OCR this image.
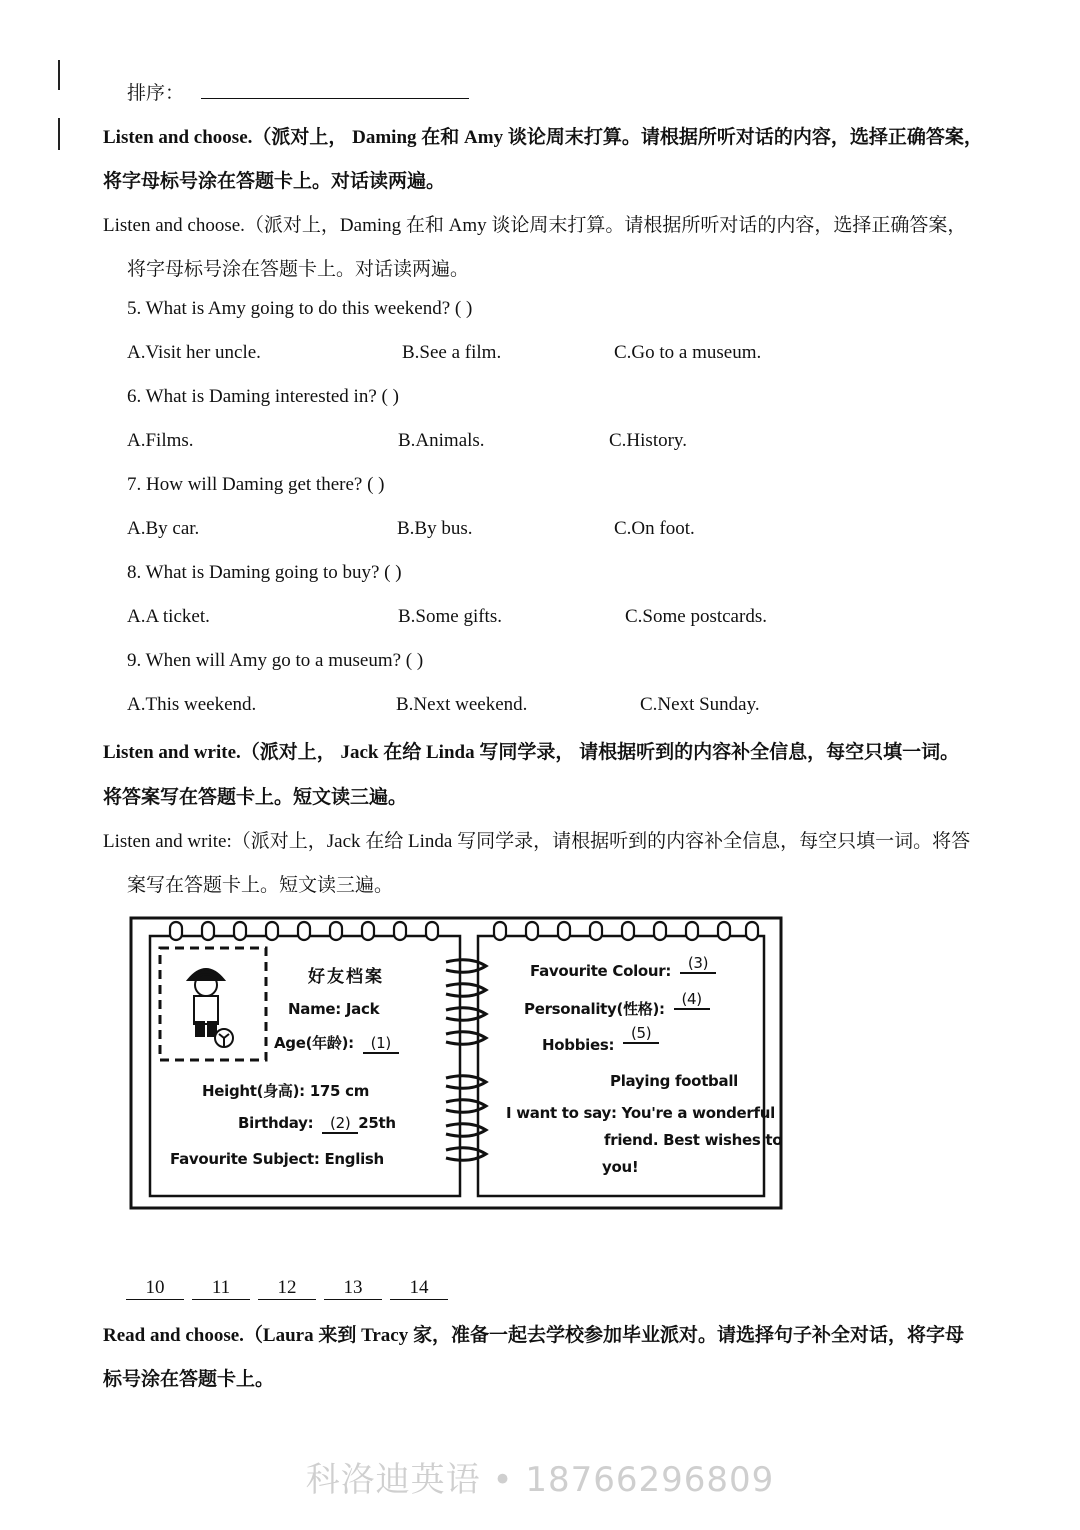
排序：
Listen and choose.（派对上， Daming 在和 Amy 谈论周末打算。请根据所听对话的内容，选择正确答案，
将字母标号涂在答题卡上。对话读两遍。
Listen and choose.（派对上，Daming 在和 Amy 谈论周末打算。请根据所听对话的内容，选择正确答案，
将字母标号涂在答题卡上。对话读两遍。
5. What is Amy going to do this weekend? ( )
A.Visit her uncle.	B.See a film.	C.Go to a museum.
6. What is Daming interested in? ( )
A.Films.	B.Animals.	C.History.
7. How will Daming get there? ( )
A.By car.	B.By bus.	C.On foot.
8. What is Daming going to buy? ( )
A.A ticket.	B.Some gifts.	C.Some postcards.
9. When will Amy go to a museum? ( )
A.This weekend.	B.Next weekend.	C.Next Sunday.
Listen and write.（派对上， Jack 在给 Linda 写同学录， 请根据听到的内容补全信息，每空只填一词。
将答案写在答题卡上。短文读三遍。
Listen and write:（派对上，Jack 在给 Linda 写同学录，请根据听到的内容补全信息，每空只填一词。将答
案写在答题卡上。短文读三遍。
好友档案
Name: Jack
Age(年龄): (1)
Height(身高): 175 cm
Birthday: (2) 25th
Favourite Subject: English
Favourite Colour: (3)
Personality(性格): (4)
Hobbies: (5)
Playing football
I want to say: You're a wonderful
friend. Best wishes to
you!
10 11 12 13 14
Read and choose.（Laura 来到 Tracy 家，准备一起去学校参加毕业派对。请选择句子补全对话，将字母
标号涂在答题卡上。
科洛迪英语 • 18766296809
